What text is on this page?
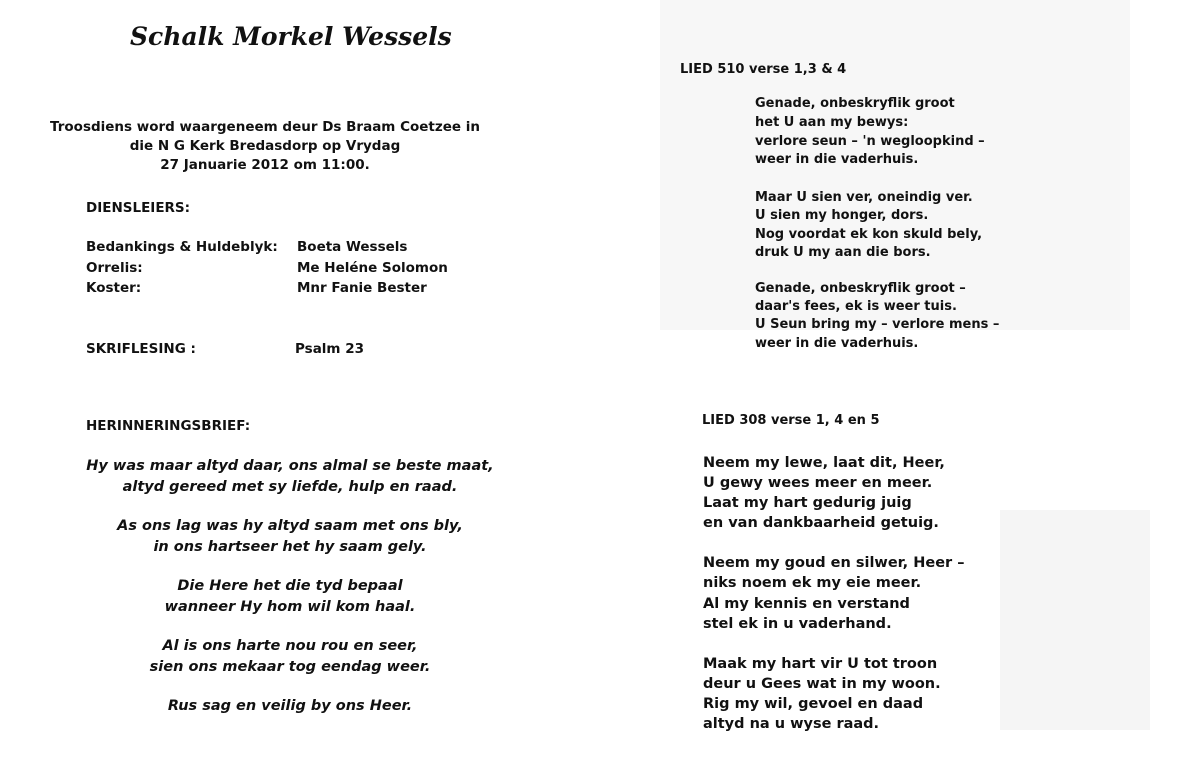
Schalk Morkel Wessels
Troosdiens word waargeneem deur Ds Braam Coetzee in
die N G Kerk Bredasdorp op Vrydag
27 Januarie 2012 om 11:00.
DIENSLEIERS:
Bedankings & Huldeblyk: Boeta Wessels
Orrelis:	Me Heléne Solomon
Koster:	Mnr Fanie Bester
SKRIFLESING :	Psalm 23
HERINNERINGSBRIEF:
Hy was maar altyd daar, ons almal se beste maat,
altyd gereed met sy liefde, hulp en raad.
As ons lag was hy altyd saam met ons bly,
in ons hartseer het hy saam gely.
Die Here het die tyd bepaal
wanneer Hy hom wil kom haal.
Al is ons harte nou rou en seer,
sien ons mekaar tog eendag weer.
Rus sag en veilig by ons Heer.
LIED 510 verse 1,3 & 4
Genade, onbeskryflik groot
het U aan my bewys:
verlore seun – 'n wegloopkind –
weer in die vaderhuis.
Maar U sien ver, oneindig ver.
U sien my honger, dors.
Nog voordat ek kon skuld bely,
druk U my aan die bors.
Genade, onbeskryflik groot –
daar's fees, ek is weer tuis.
U Seun bring my – verlore mens –
weer in die vaderhuis.
LIED 308 verse 1, 4 en 5
Neem my lewe, laat dit, Heer,
U gewy wees meer en meer.
Laat my hart gedurig juig
en van dankbaarheid getuig.
Neem my goud en silwer, Heer –
niks noem ek my eie meer.
Al my kennis en verstand
stel ek in u vaderhand.
Maak my hart vir U tot troon
deur u Gees wat in my woon.
Rig my wil, gevoel en daad
altyd na u wyse raad.
